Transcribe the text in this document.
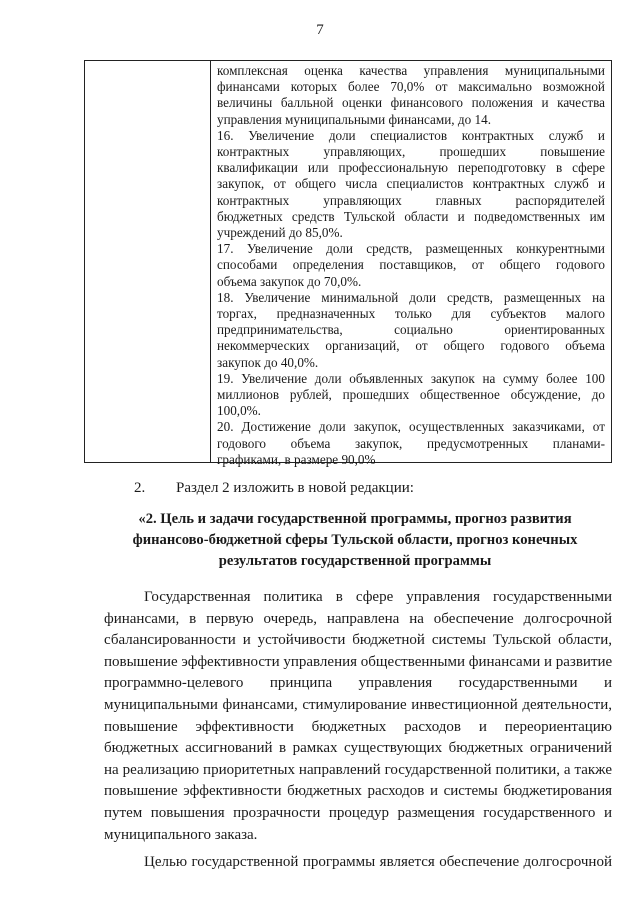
7

комплексная оценка качества управления муниципальными

финансами которых более 70,0% от максимально возможной

величины балльной оценки финансового положения и качества

управления муниципальными финансами, до 14.

16. Увеличение доли специалистов контрактных служб и

контрактных управляющих, прошедших повышение

квалификации или профессиональную переподготовку в сфере

закупок, от общего числа специалистов контрактных служб и

контрактных управляющих главных распорядителей

бюджетных средств Тульской области и подведомственных им

учреждений до 85,0%.

17. Увеличение доли средств, размещенных конкурентными

способами определения поставщиков, от общего годового

объема закупок до 70,0%.

18. Увеличение минимальной доли средств, размещенных на

торгах, предназначенных только для субъектов малого

предпринимательства, социально ориентированных

некоммерческих организаций, от общего годового объема

закупок до 40,0%.

19. Увеличение доли объявленных закупок на сумму более 100

миллионов рублей, прошедших общественное обсуждение, до

100,0%.

20. Достижение доли закупок, осуществленных заказчиками, от

годового объема закупок, предусмотренных планами-

графиками, в размере 90,0%

2. Раздел 2 изложить в новой редакции:
«2. Цель и задачи государственной программы, прогноз развития
финансово-бюджетной сферы Тульской области, прогноз конечных
результатов государственной программы
Государственная политика в сфере управления государственными
финансами, в первую очередь, направлена на обеспечение долгосрочной
сбалансированности и устойчивости бюджетной системы Тульской области,
повышение эффективности управления общественными финансами и развитие
программно-целевого принципа управления государственными и
муниципальными финансами, стимулирование инвестиционной деятельности,
повышение эффективности бюджетных расходов и переориентацию
бюджетных ассигнований в рамках существующих бюджетных ограничений
на реализацию приоритетных направлений государственной политики, а также
повышение эффективности бюджетных расходов и системы бюджетирования
путем повышения прозрачности процедур размещения государственного и
муниципального заказа.
Целью государственной программы является обеспечение долгосрочной
